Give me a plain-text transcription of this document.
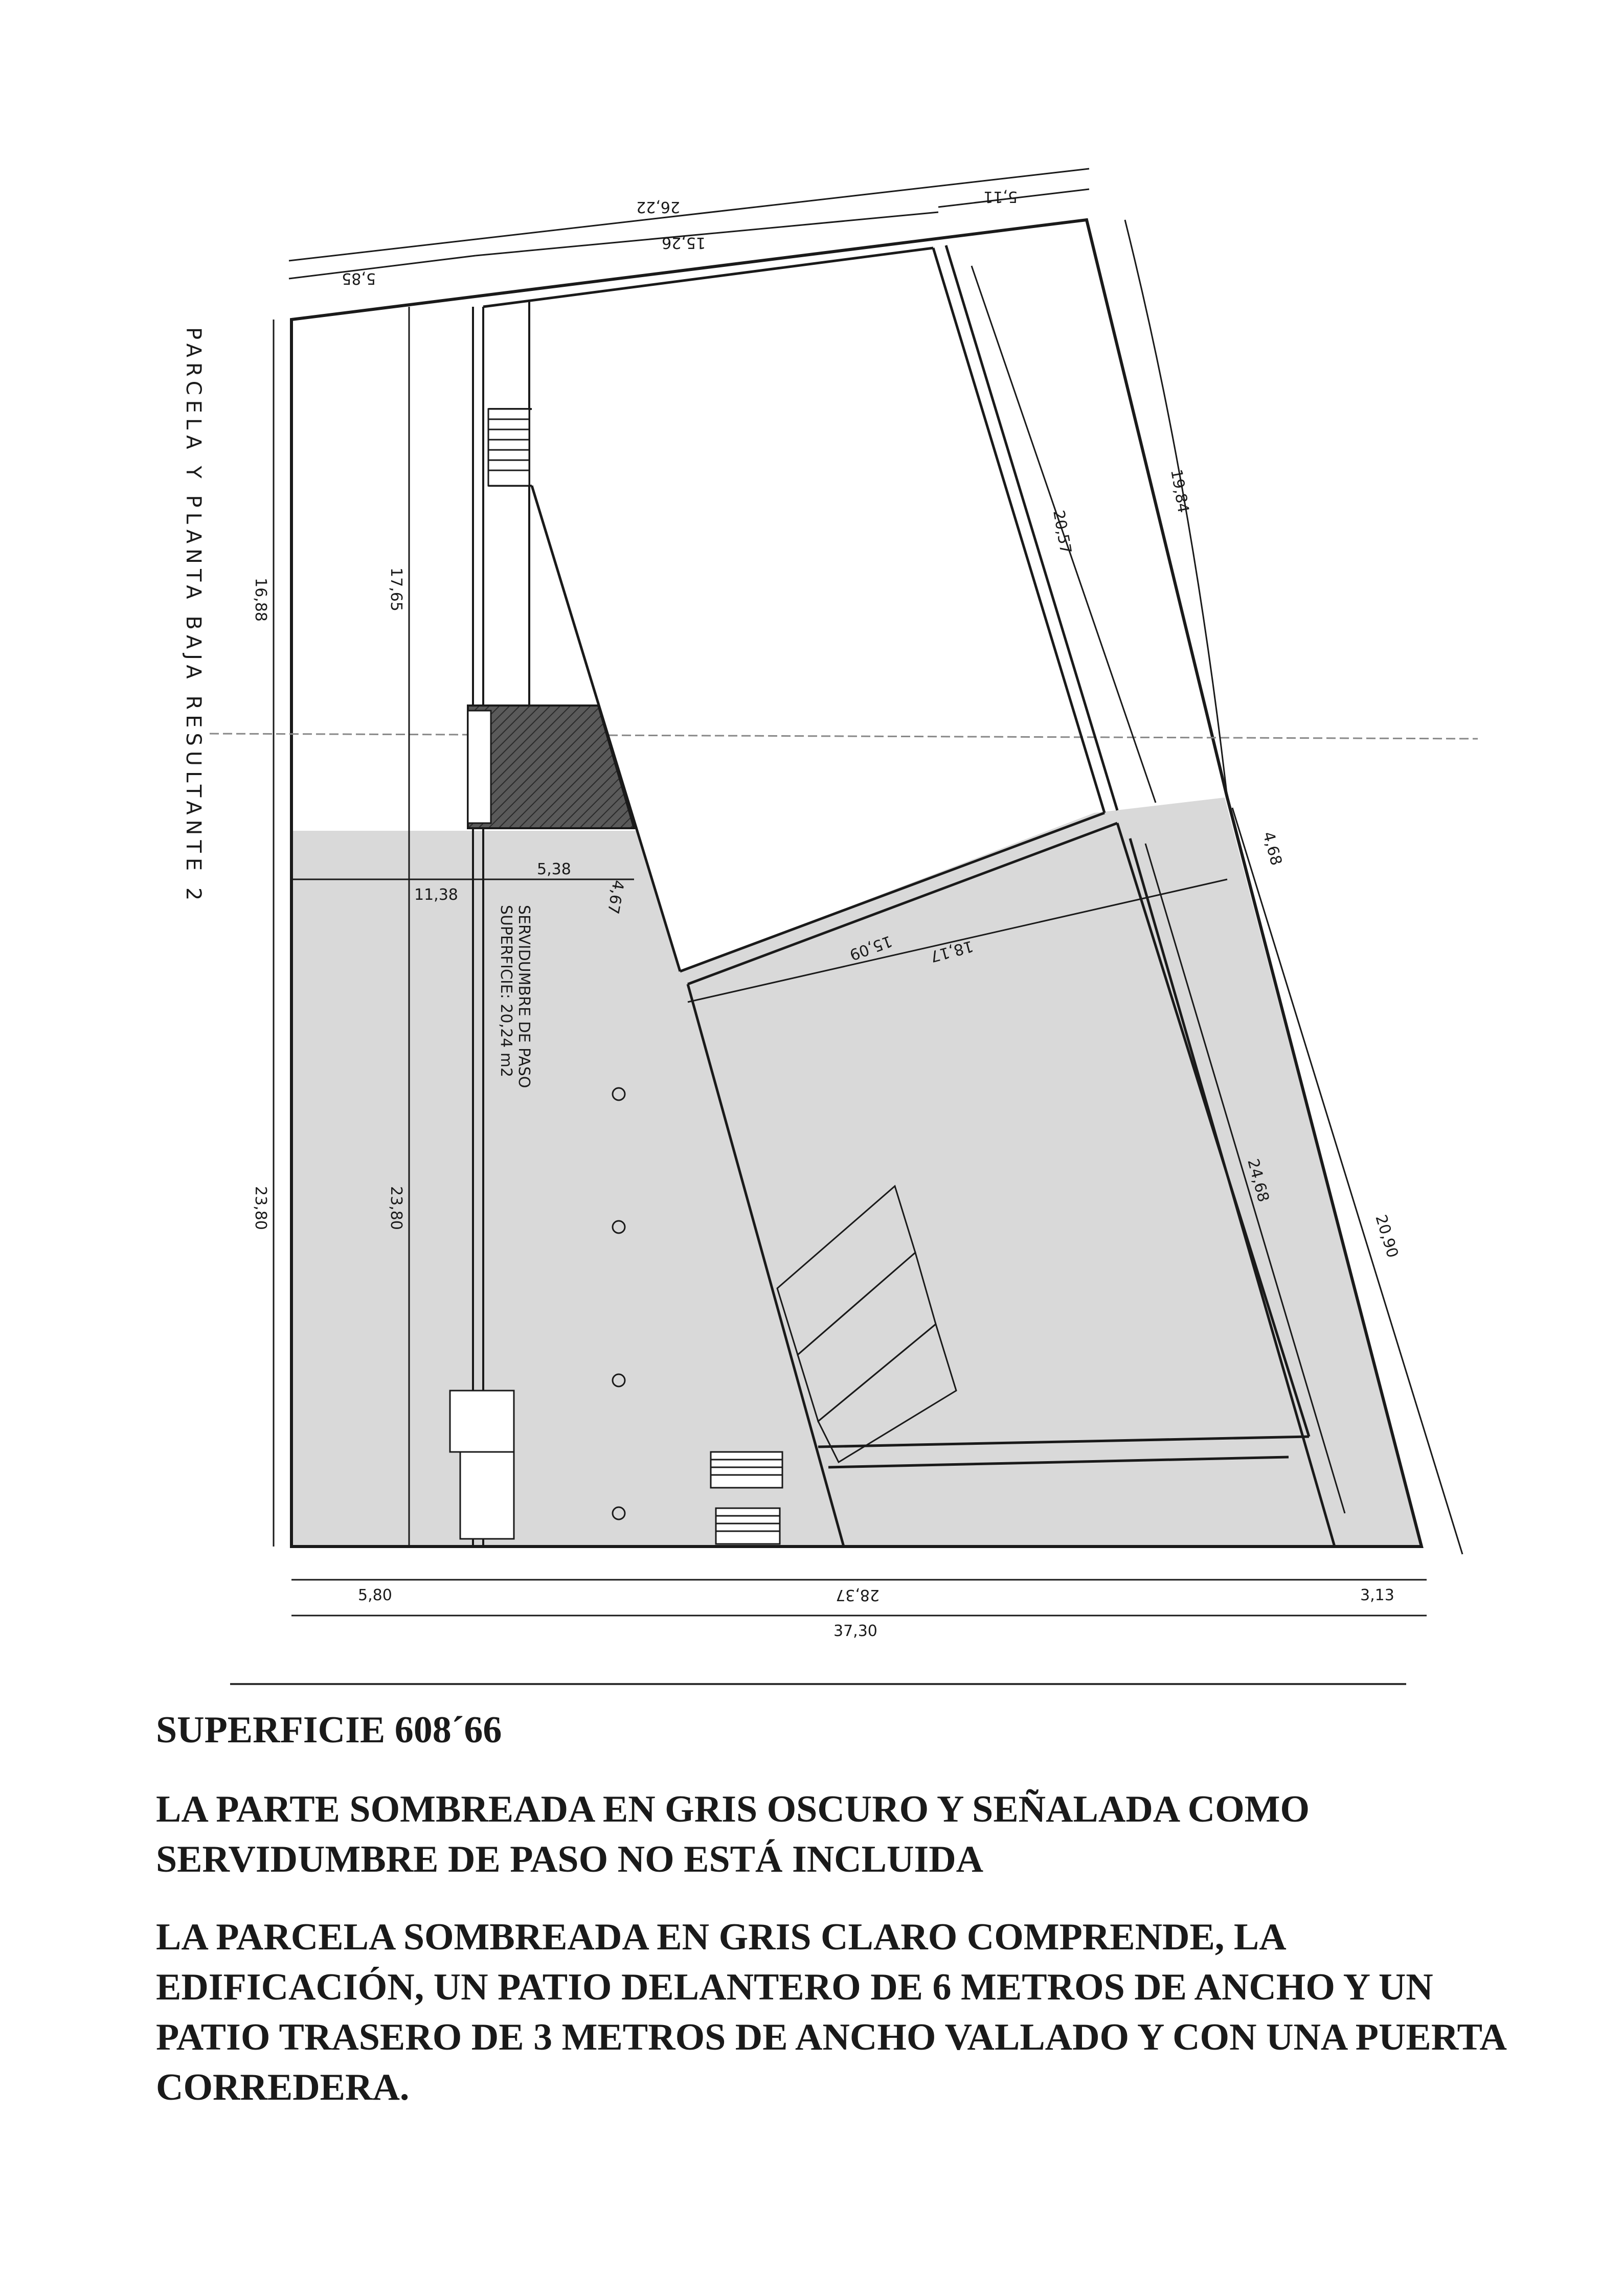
PARCELA Y PLANTA BAJA RESULTANTE 2
26,22
5,85
15,26
5,11
16,88
23,80
17,65
23,80
19,84
4,68
20,90
5,80	28,37	3,13
37,30
5,38
11,38	4,67
15,09 18,17
20,57
24,68
SERVIDUMBRE DE PASO
SUPERFICIE: 20,24 m2

SUPERFICIE 608´66

LA PARTE SOMBREADA EN GRIS OSCURO Y SEÑALADA COMO SERVIDUMBRE DE PASO NO ESTÁ INCLUIDA

LA PARCELA SOMBREADA EN GRIS CLARO COMPRENDE, LA EDIFICACIÓN, UN PATIO DELANTERO DE 6 METROS DE ANCHO Y UN PATIO TRASERO DE 3 METROS DE ANCHO VALLADO Y CON UNA PUERTA CORREDERA.
